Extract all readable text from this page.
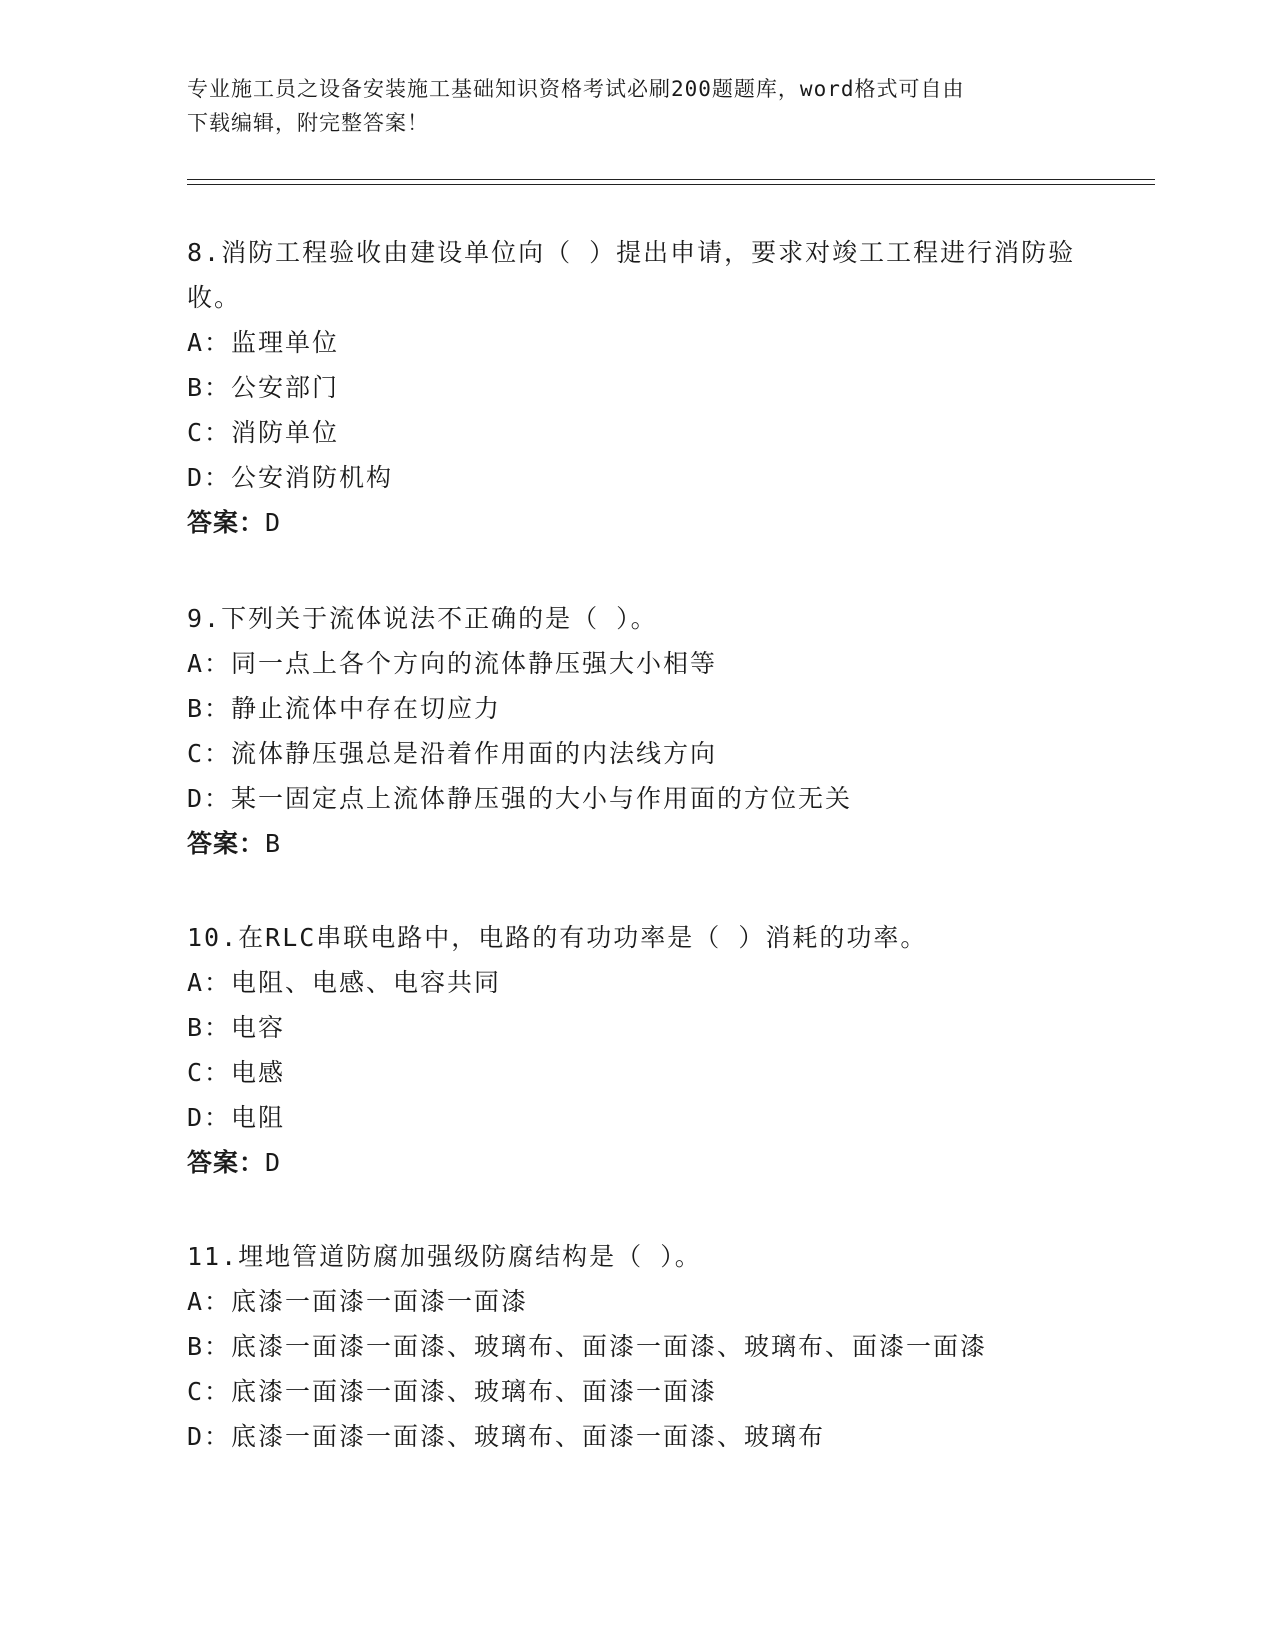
专业施工员之设备安装施工基础知识资格考试必刷200题题库，word格式可自由
下载编辑，附完整答案！

8.消防工程验收由建设单位向（ ）提出申请，要求对竣工工程进行消防验收。

A：监理单位
B：公安部门
C：消防单位
D：公安消防机构
答案：D

9.下列关于流体说法不正确的是（ ）。

A：同一点上各个方向的流体静压强大小相等
B：静止流体中存在切应力
C：流体静压强总是沿着作用面的内法线方向
D：某一固定点上流体静压强的大小与作用面的方位无关
答案：B

10.在RLC串联电路中，电路的有功功率是（ ）消耗的功率。

A：电阻、电感、电容共同
B：电容
C：电感
D：电阻
答案：D

11.埋地管道防腐加强级防腐结构是（ ）。

A：底漆一面漆一面漆一面漆
B：底漆一面漆一面漆、玻璃布、面漆一面漆、玻璃布、面漆一面漆
C：底漆一面漆一面漆、玻璃布、面漆一面漆
D：底漆一面漆一面漆、玻璃布、面漆一面漆、玻璃布
